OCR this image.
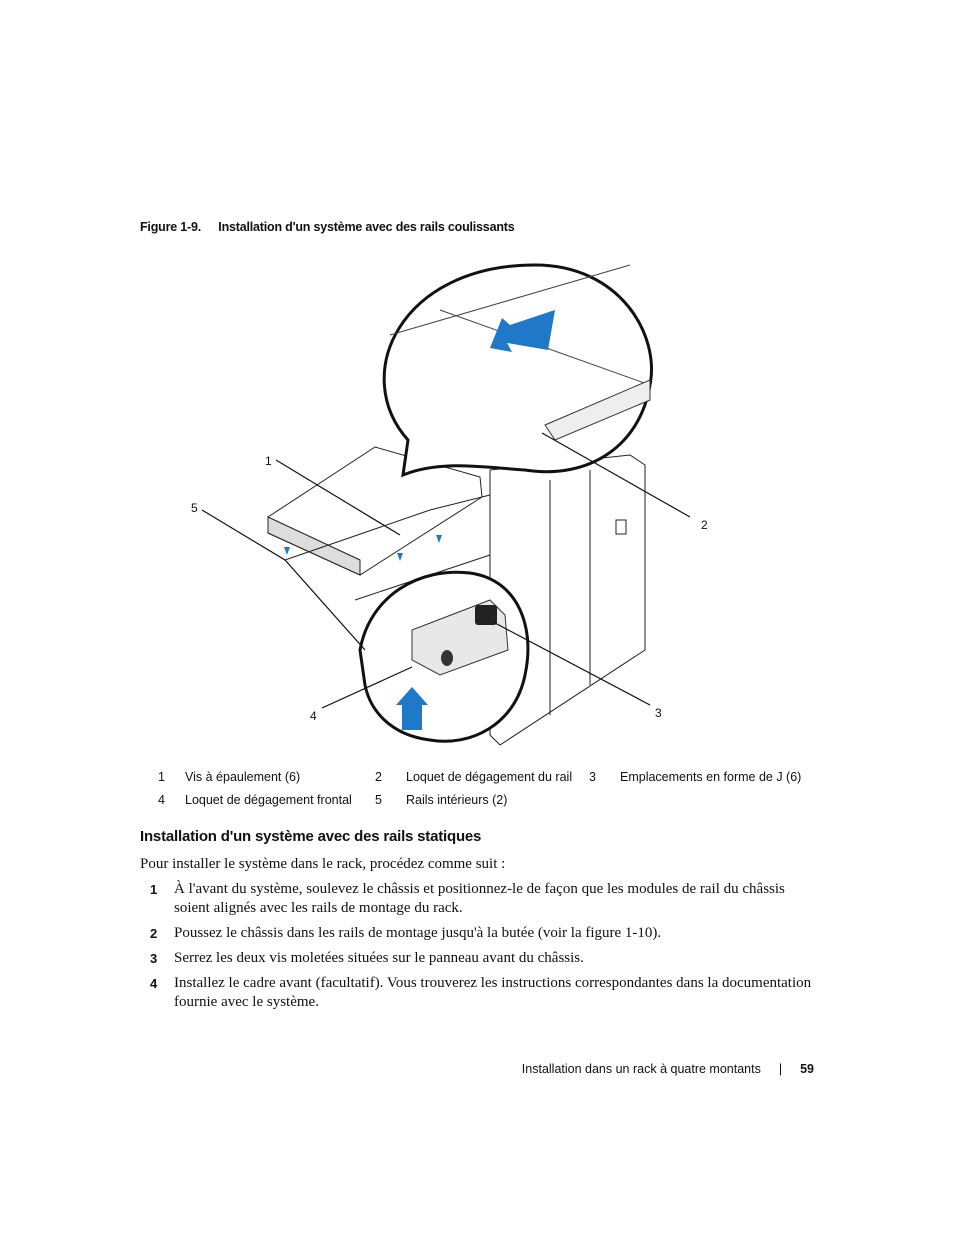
Figure 1-9. Installation d'un système avec des rails coulissants
1
2
3
4
5
1 Vis à épaulement (6)	2 Loquet de dégagement du rail 3 Emplacements en forme de J (6)
4 Loquet de dégagement frontal 5 Rails intérieurs (2)
Installation d'un système avec des rails statiques
Pour installer le système dans le rack, procédez comme suit :
1 À l'avant du système, soulevez le châssis et positionnez-le de façon que les modules de rail du châssis soient alignés avec les rails de montage du rack.
2 Poussez le châssis dans les rails de montage jusqu'à la butée (voir la figure 1-10).
3 Serrez les deux vis moletées situées sur le panneau avant du châssis.
4 Installez le cadre avant (facultatif). Vous trouverez les instructions correspondantes dans la documentation fournie avec le système.
Installation dans un rack à quatre montants | 59
